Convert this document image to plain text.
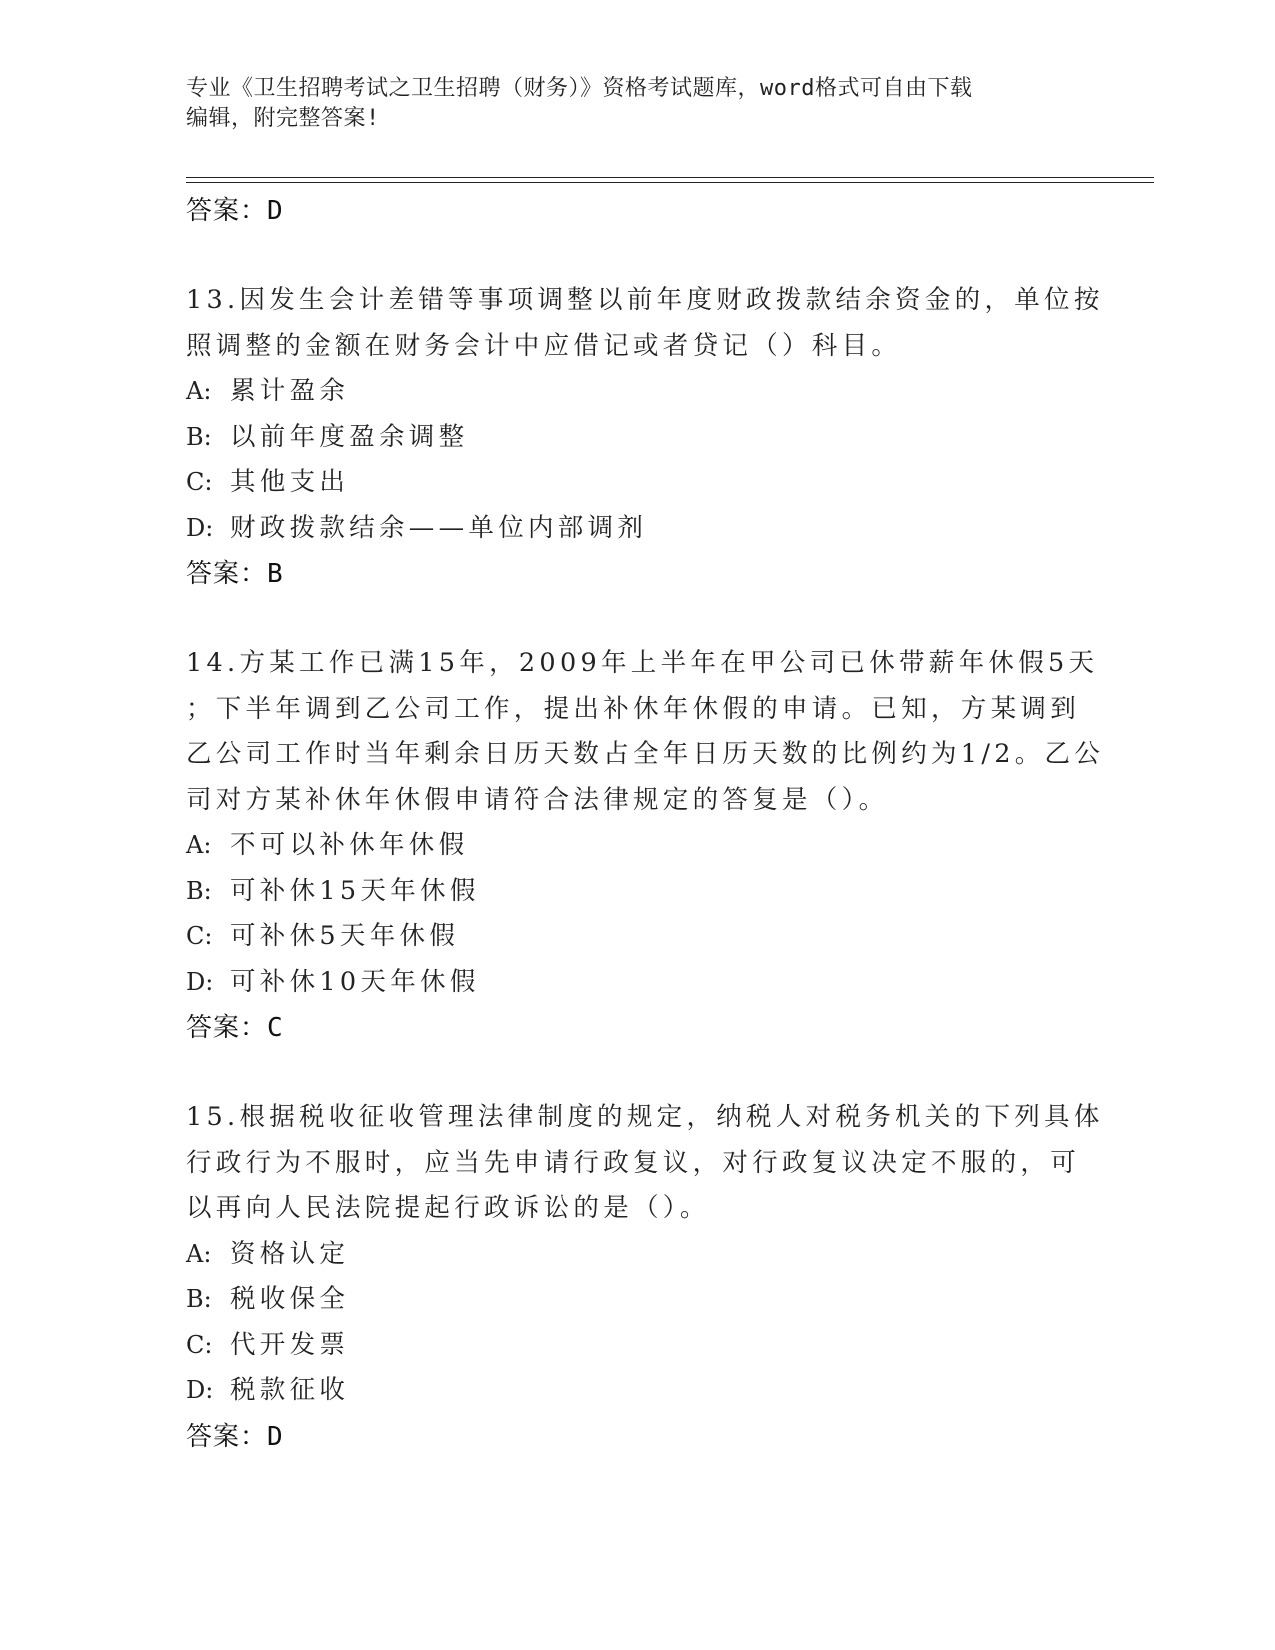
专业《卫生招聘考试之卫生招聘（财务）》资格考试题库，word格式可自由下载
编辑，附完整答案!
答案：D
13.因发生会计差错等事项调整以前年度财政拨款结余资金的，单位按
照调整的金额在财务会计中应借记或者贷记（）科目。
A: 累计盈余
B: 以前年度盈余调整
C: 其他支出
D: 财政拨款结余——单位内部调剂
答案：B
14.方某工作已满15年，2009年上半年在甲公司已休带薪年休假5天
；下半年调到乙公司工作，提出补休年休假的申请。已知，方某调到
乙公司工作时当年剩余日历天数占全年日历天数的比例约为1/2。乙公
司对方某补休年休假申请符合法律规定的答复是（）。
A: 不可以补休年休假
B: 可补休15天年休假
C: 可补休5天年休假
D: 可补休10天年休假
答案：C
15.根据税收征收管理法律制度的规定，纳税人对税务机关的下列具体
行政行为不服时，应当先申请行政复议，对行政复议决定不服的，可
以再向人民法院提起行政诉讼的是（）。
A: 资格认定
B: 税收保全
C: 代开发票
D: 税款征收
答案：D
